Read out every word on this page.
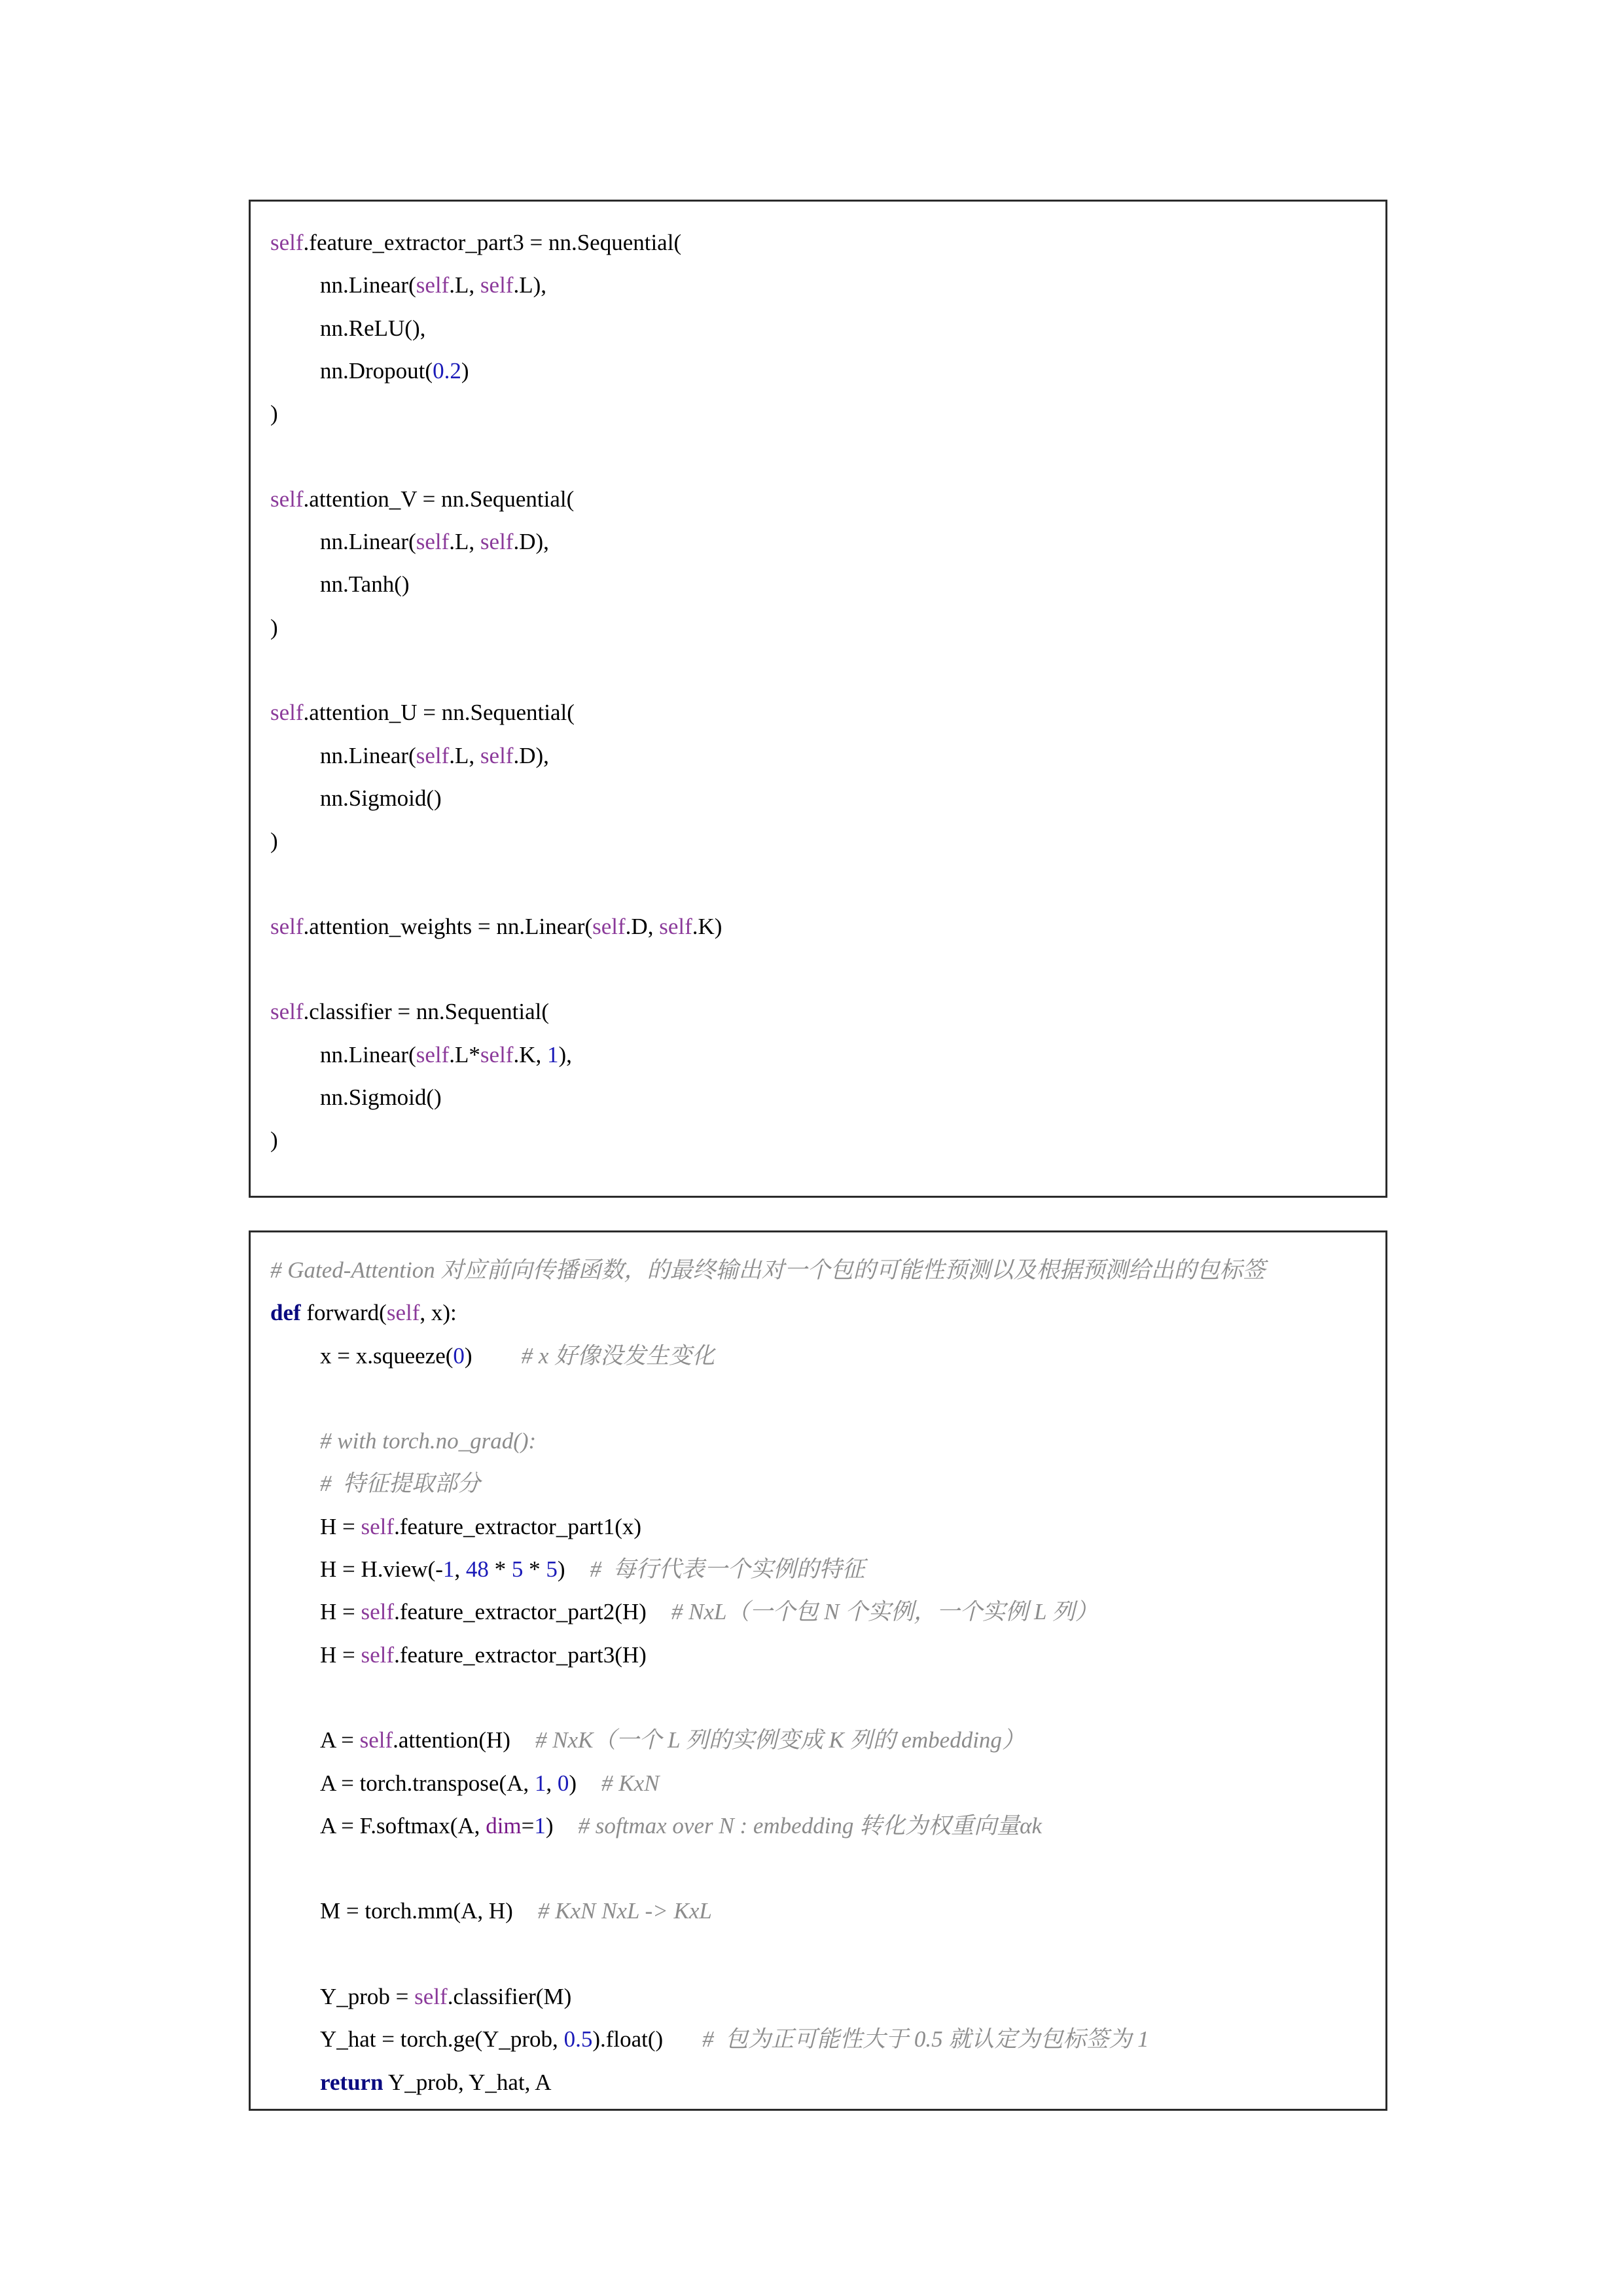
self.feature_extractor_part3 = nn.Sequential(
nn.Linear(self.L, self.L),
nn.ReLU(),
nn.Dropout(0.2)
)
self.attention_V = nn.Sequential(
nn.Linear(self.L, self.D),
nn.Tanh()
)
self.attention_U = nn.Sequential(
nn.Linear(self.L, self.D),
nn.Sigmoid()
)
self.attention_weights = nn.Linear(self.D, self.K)
self.classifier = nn.Sequential(
nn.Linear(self.L*self.K, 1),
nn.Sigmoid()
)
# Gated-Attention 对应前向传播函数，的最终输出对一个包的可能性预测以及根据预测给出的包标签
def forward(self, x):
x = x.squeeze(0) # x 好像没发生变化
# with torch.no_grad():
#  特征提取部分
H = self.feature_extractor_part1(x)
H = H.view(-1, 48 * 5 * 5) #  每行代表一个实例的特征
H = self.feature_extractor_part2(H) # NxL（一个包 N 个实例，一个实例 L 列）
H = self.feature_extractor_part3(H)
A = self.attention(H) # NxK（一个 L 列的实例变成 K 列的 embedding）
A = torch.transpose(A, 1, 0) # KxN
A = F.softmax(A, dim=1) # softmax over N : embedding 转化为权重向量αk
M = torch.mm(A, H) # KxN NxL -> KxL
Y_prob = self.classifier(M)
Y_hat = torch.ge(Y_prob, 0.5).float() #  包为正可能性大于 0.5 就认定为包标签为 1
return Y_prob, Y_hat, A
